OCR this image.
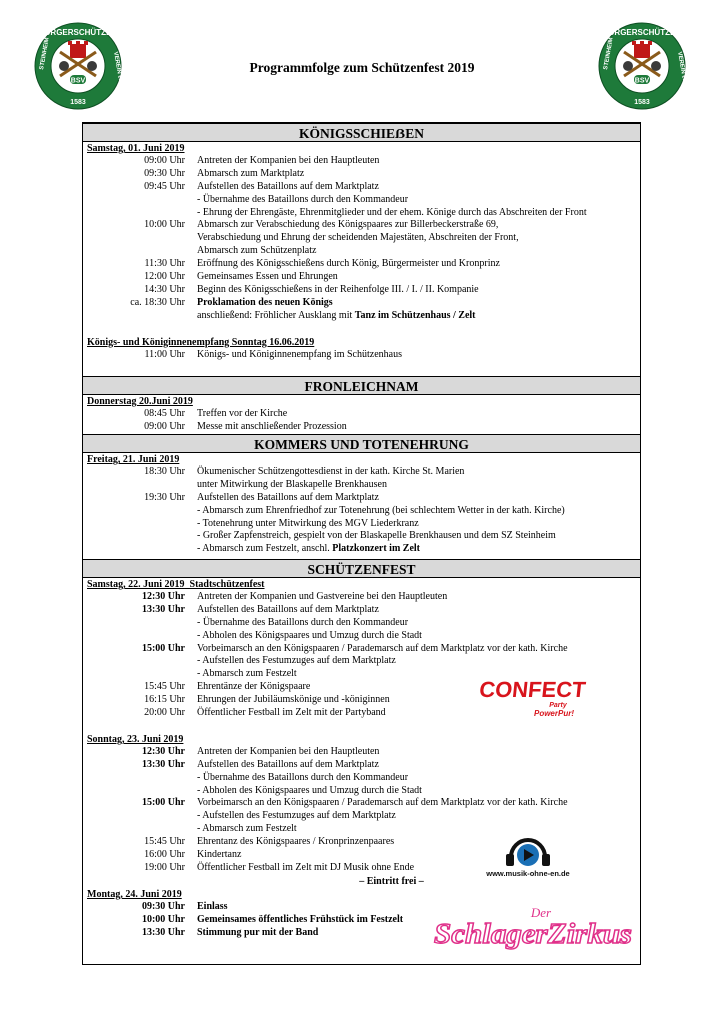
BSV
BÜRGERSCHÜTZEN
1583
STEINHEIM	VEREIN e.V.	BSV
BÜRGERSCHÜTZEN
1583
STEINHEIM	VEREIN e.V.
Programmfolge zum Schützenfest 2019
KÖNIGSSCHIEẞEN
Samstag, 01. Juni 2019
09:00 Uhr	Antreten der Kompanien bei den Hauptleuten
09:30 Uhr	Abmarsch zum Marktplatz
09:45 Uhr	Aufstellen des Bataillons auf dem Marktplatz
- Übernahme des Bataillons durch den Kommandeur
- Ehrung der Ehrengäste, Ehrenmitglieder und der ehem. Könige durch das Abschreiten der Front
10:00 Uhr	Abmarsch zur Verabschiedung des Königspaares zur Billerbeckerstraße 69,
Verabschiedung und Ehrung der scheidenden Majestäten, Abschreiten der Front,
Abmarsch zum Schützenplatz
11:30 Uhr	Eröffnung des Königsschießens durch König, Bürgermeister und Kronprinz
12:00 Uhr	Gemeinsames Essen und Ehrungen
14:30 Uhr	Beginn des Königsschießens in der Reihenfolge III. / I. / II. Kompanie
ca. 18:30 Uhr	Proklamation des neuen Königs
anschließend: Fröhlicher Ausklang mit Tanz im Schützenhaus / Zelt
Königs- und Königinnenempfang Sonntag 16.06.2019
11:00 Uhr	Königs- und Königinnenempfang im Schützenhaus
FRONLEICHNAM
Donnerstag 20.Juni 2019
08:45 Uhr	Treffen vor der Kirche
09:00 Uhr	Messe mit anschließender Prozession
KOMMERS UND TOTENEHRUNG
Freitag, 21. Juni 2019
18:30 Uhr	Ökumenischer Schützengottesdienst in der kath. Kirche St. Marien
unter Mitwirkung der Blaskapelle Brenkhausen
19:30 Uhr	Aufstellen des Bataillons auf dem Marktplatz
- Abmarsch zum Ehrenfriedhof zur Totenehrung (bei schlechtem Wetter in der kath. Kirche)
- Totenehrung unter Mitwirkung des MGV Liederkranz
- Großer Zapfenstreich, gespielt von der Blaskapelle Brenkhausen und dem SZ Steinheim
- Abmarsch zum Festzelt, anschl. Platzkonzert im Zelt
SCHÜTZENFEST
Samstag, 22. Juni 2019 Stadtschützenfest
12:30 Uhr	Antreten der Kompanien und Gastvereine bei den Hauptleuten
13:30 Uhr	Aufstellen des Bataillons auf dem Marktplatz
- Übernahme des Bataillons durch den Kommandeur
- Abholen des Königspaares und Umzug durch die Stadt
15:00 Uhr	Vorbeimarsch an den Königspaaren / Parademarsch auf dem Marktplatz vor der kath. Kirche
- Aufstellen des Festumzuges auf dem Marktplatz
- Abmarsch zum Festzelt
15:45 Uhr	Ehrentänze der Königspaare
16:15 Uhr	Ehrungen der Jubiläumskönige und -königinnen
20:00 Uhr	Öffentlicher Festball im Zelt mit der Partyband
Sonntag, 23. Juni 2019
12:30 Uhr	Antreten der Kompanien bei den Hauptleuten
13:30 Uhr	Aufstellen des Bataillons auf dem Marktplatz
- Übernahme des Bataillons durch den Kommandeur
- Abholen des Königspaares und Umzug durch die Stadt
15:00 Uhr	Vorbeimarsch an den Königspaaren / Parademarsch auf dem Marktplatz vor der kath. Kirche
- Aufstellen des Festumzuges auf dem Marktplatz
- Abmarsch zum Festzelt
15:45 Uhr	Ehrentanz des Königspaares / Kronprinzenpaares
16:00 Uhr	Kindertanz
19:00 Uhr	Öffentlicher Festball im Zelt mit DJ Musik ohne Ende
– Eintritt frei –
Montag, 24. Juni 2019
09:30 Uhr	Einlass
10:00 Uhr	Gemeinsames öffentliches Frühstück im Festzelt
13:30 Uhr	Stimmung pur mit der Band
CONFECT
Party
PowerPur!
www.musik-ohne-en.de
Der
SchlagerZirkus
